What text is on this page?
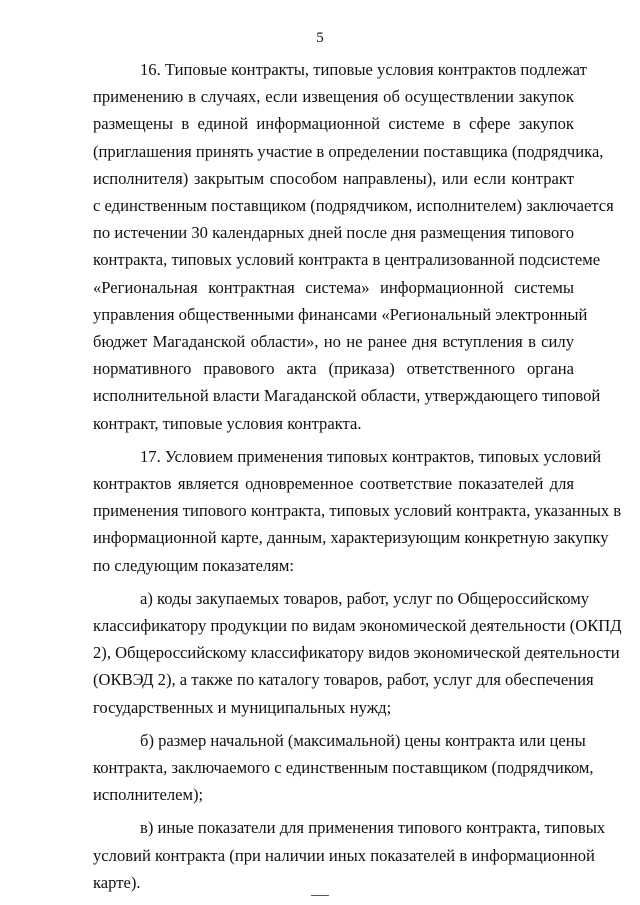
5

16. Типовые контракты, типовые условия контрактов подлежат
применению в случаях, если извещения об осуществлении закупок
размещены в единой информационной системе в сфере закупок
(приглашения принять участие в определении поставщика (подрядчика,
исполнителя) закрытым способом направлены), или если контракт
с единственным поставщиком (подрядчиком, исполнителем) заключается
по истечении 30 календарных дней после дня размещения типового
контракта, типовых условий контракта в централизованной подсистеме
«Региональная контрактная система» информационной системы
управления общественными финансами «Региональный электронный
бюджет Магаданской области», но не ранее дня вступления в силу
нормативного правового акта (приказа) ответственного органа
исполнительной власти Магаданской области, утверждающего типовой
контракт, типовые условия контракта.

17. Условием применения типовых контрактов, типовых условий
контрактов является одновременное соответствие показателей для
применения типового контракта, типовых условий контракта, указанных в
информационной карте, данным, характеризующим конкретную закупку
по следующим показателям:

а) коды закупаемых товаров, работ, услуг по Общероссийскому
классификатору продукции по видам экономической деятельности (ОКПД
2), Общероссийскому классификатору видов экономической деятельности
(ОКВЭД 2), а также по каталогу товаров, работ, услуг для обеспечения
государственных и муниципальных нужд;

б) размер начальной (максимальной) цены контракта или цены
контракта, заключаемого с единственным поставщиком (подрядчиком,
исполнителем);

в) иные показатели для применения типового контракта, типовых
условий контракта (при наличии иных показателей в информационной
карте).
